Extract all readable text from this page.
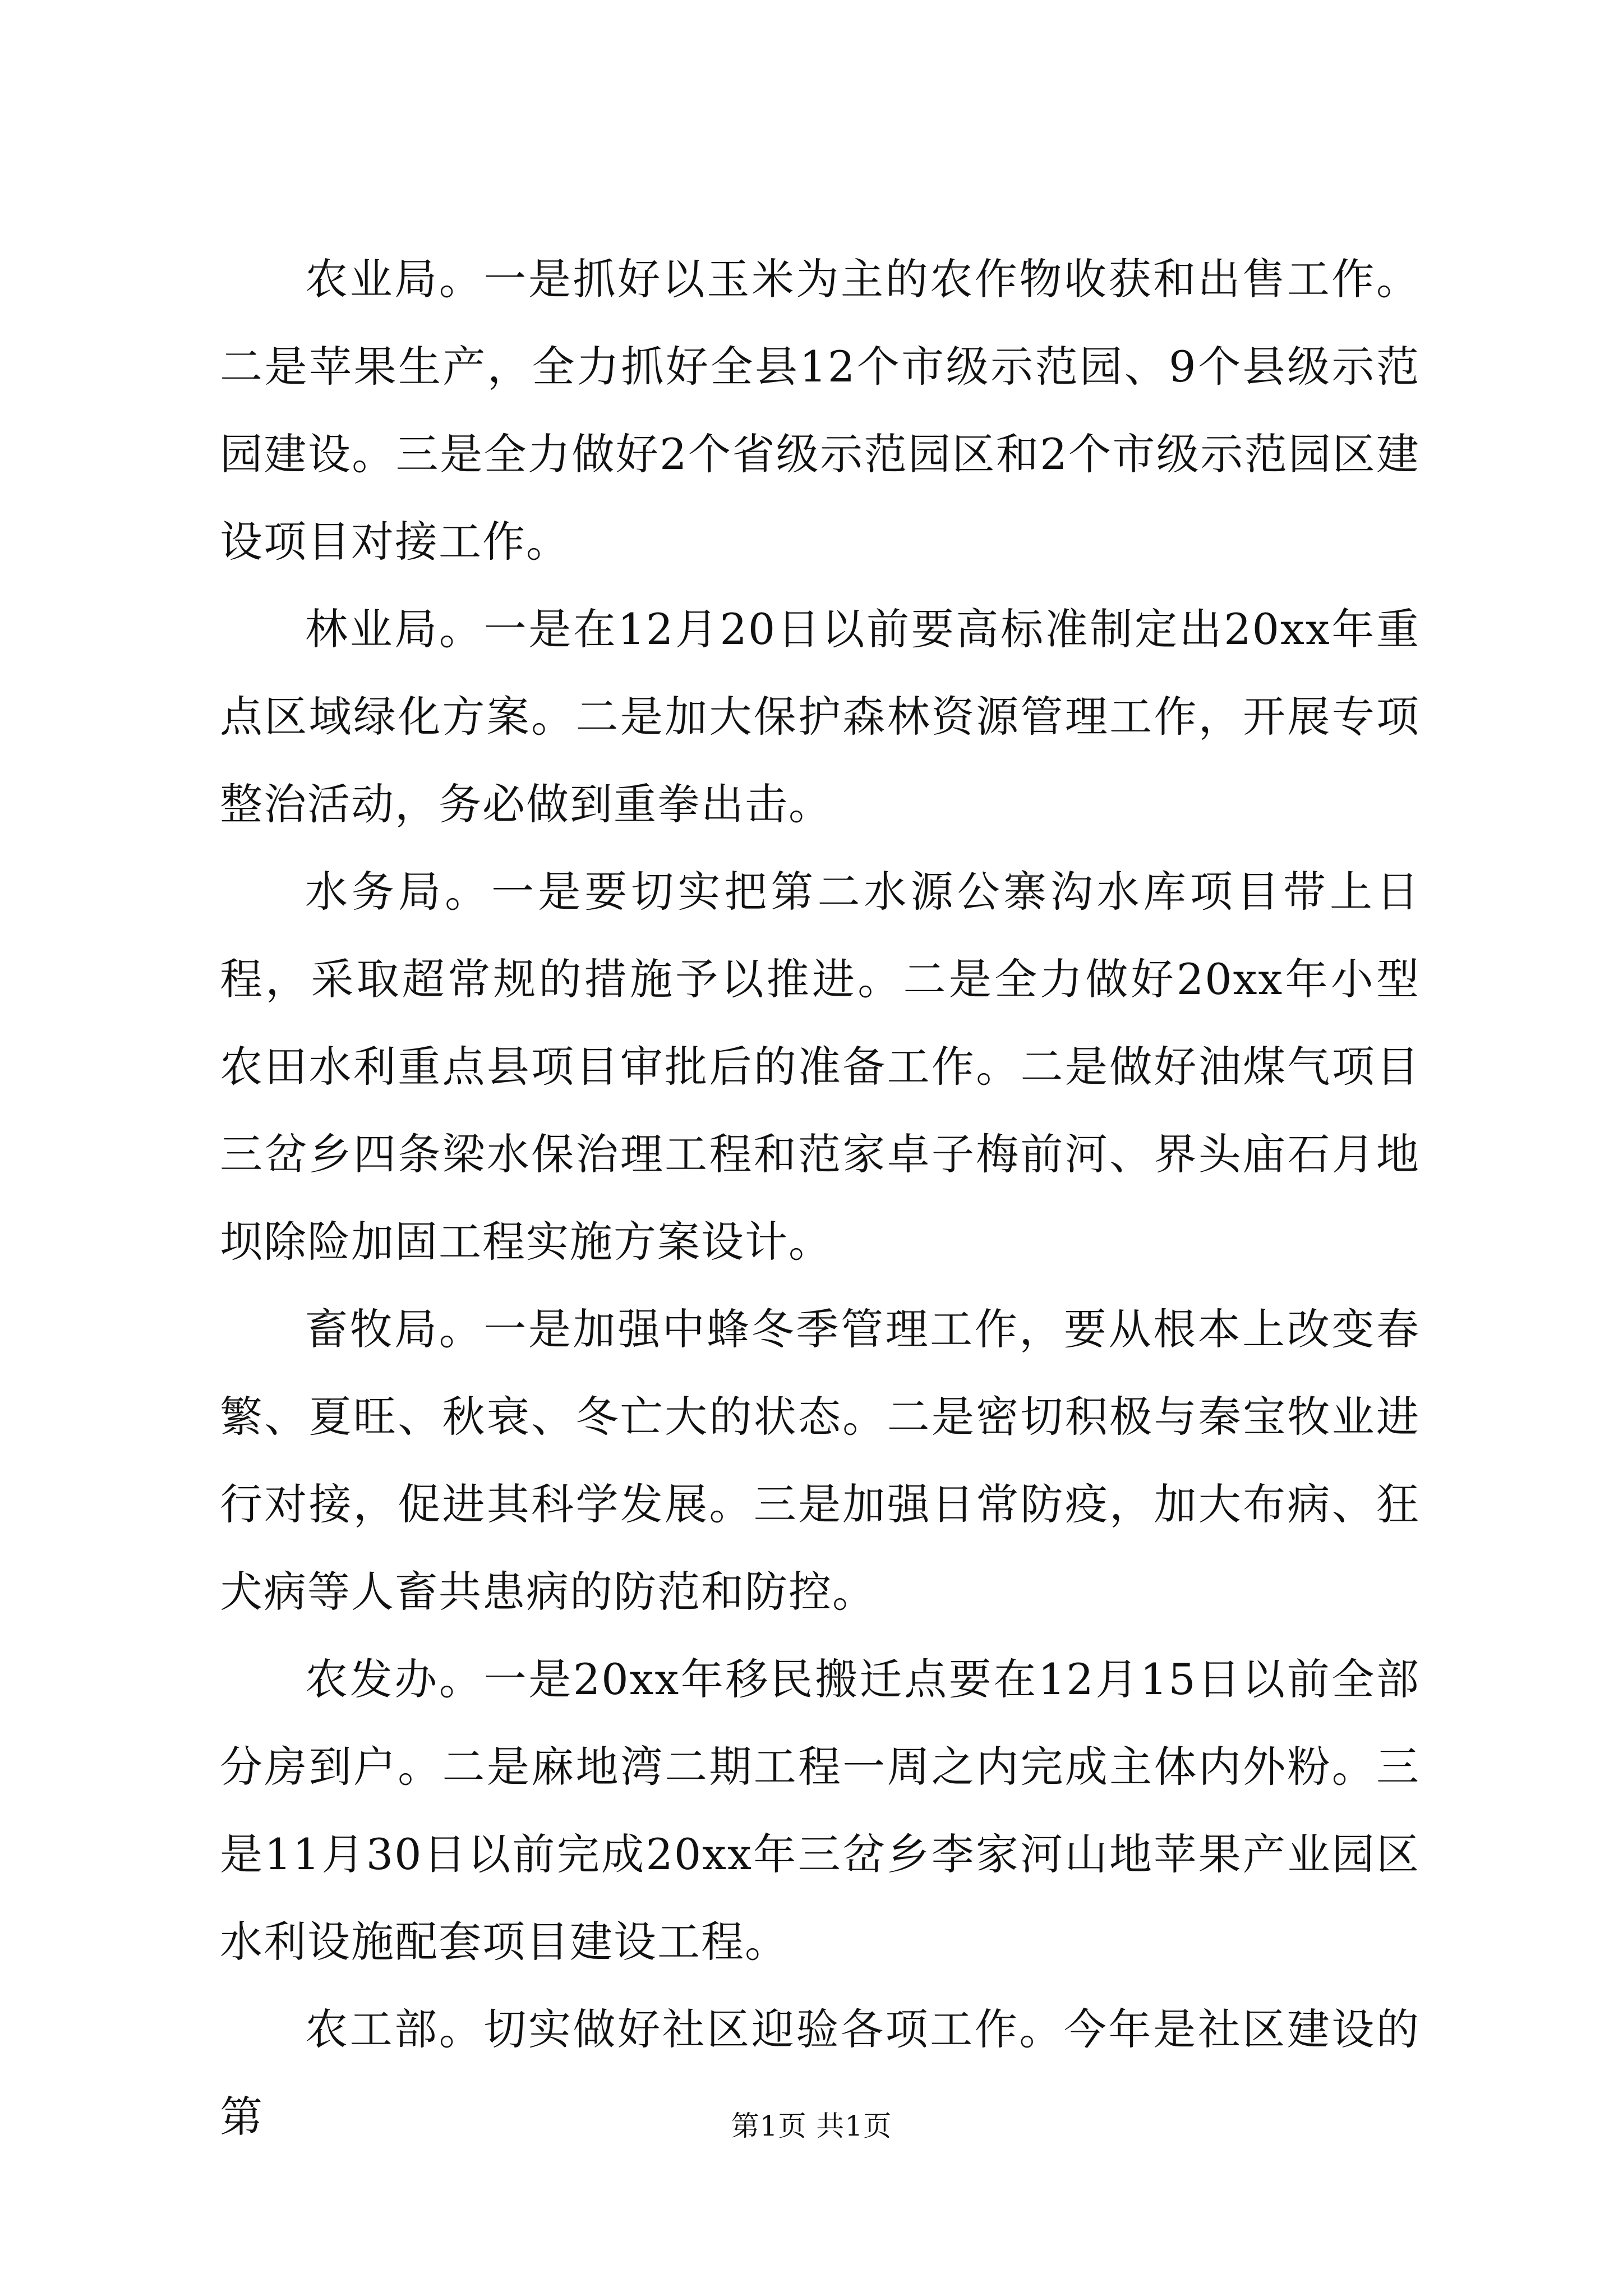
农业局。一是抓好以玉米为主的农作物收获和出售工作。二是苹果生产，全力抓好全县12个市级示范园、9个县级示范园建设。三是全力做好2个省级示范园区和2个市级示范园区建设项目对接工作。

林业局。一是在12月20日以前要高标准制定出20xx年重点区域绿化方案。二是加大保护森林资源管理工作，开展专项整治活动，务必做到重拳出击。

水务局。一是要切实把第二水源公寨沟水库项目带上日程，采取超常规的措施予以推进。二是全力做好20xx年小型农田水利重点县项目审批后的准备工作。二是做好油煤气项目三岔乡四条梁水保治理工程和范家卓子梅前河、界头庙石月地坝除险加固工程实施方案设计。

畜牧局。一是加强中蜂冬季管理工作，要从根本上改变春繁、夏旺、秋衰、冬亡大的状态。二是密切积极与秦宝牧业进行对接，促进其科学发展。三是加强日常防疫，加大布病、狂犬病等人畜共患病的防范和防控。

农发办。一是20xx年移民搬迁点要在12月15日以前全部分房到户。二是麻地湾二期工程一周之内完成主体内外粉。三是11月30日以前完成20xx年三岔乡李家河山地苹果产业园区水利设施配套项目建设工程。

农工部。切实做好社区迎验各项工作。今年是社区建设的第	第1页 共1页
